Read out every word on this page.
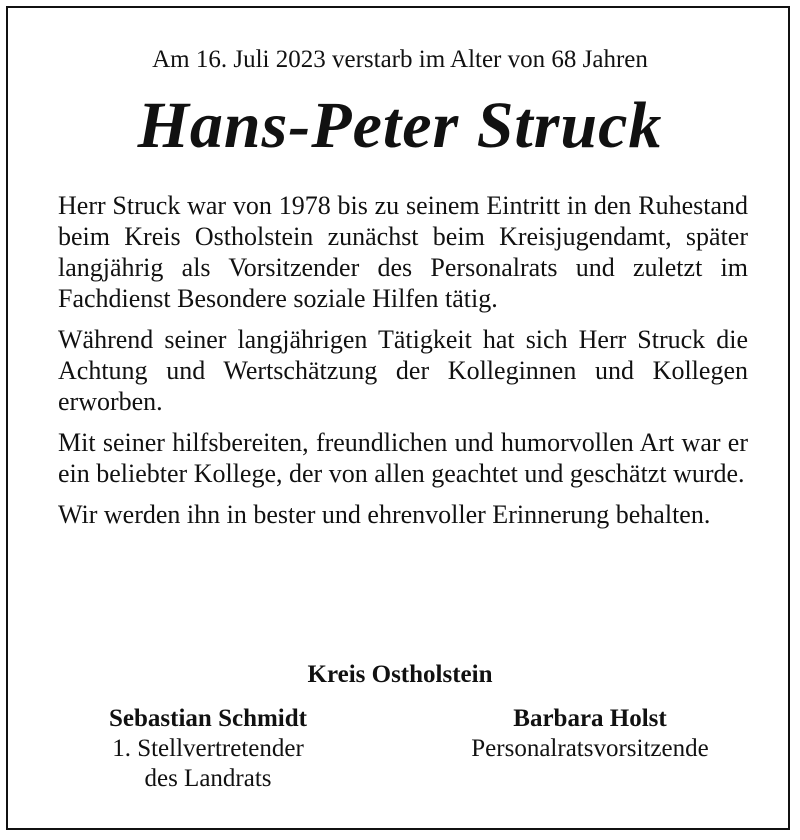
Am 16. Juli 2023 verstarb im Alter von 68 Jahren
Hans-Peter Struck

Herr Struck war von 1978 bis zu seinem Eintritt in den Ruhestand beim Kreis Ostholstein zunächst beim Kreisjugendamt, später langjährig als Vorsitzender des Personalrats und zuletzt im Fachdienst Besondere soziale Hilfen tätig.

Während seiner langjährigen Tätigkeit hat sich Herr Struck die Achtung und Wertschätzung der Kolleginnen und Kollegen erworben.

Mit seiner hilfsbereiten, freundlichen und humorvollen Art war er ein beliebter Kollege, der von allen geachtet und geschätzt wurde.

Wir werden ihn in bester und ehrenvoller Erinnerung behalten.

Kreis Ostholstein
Sebastian Schmidt
1. Stellvertretender
des Landrats
Barbara Holst
Personalratsvorsitzende
